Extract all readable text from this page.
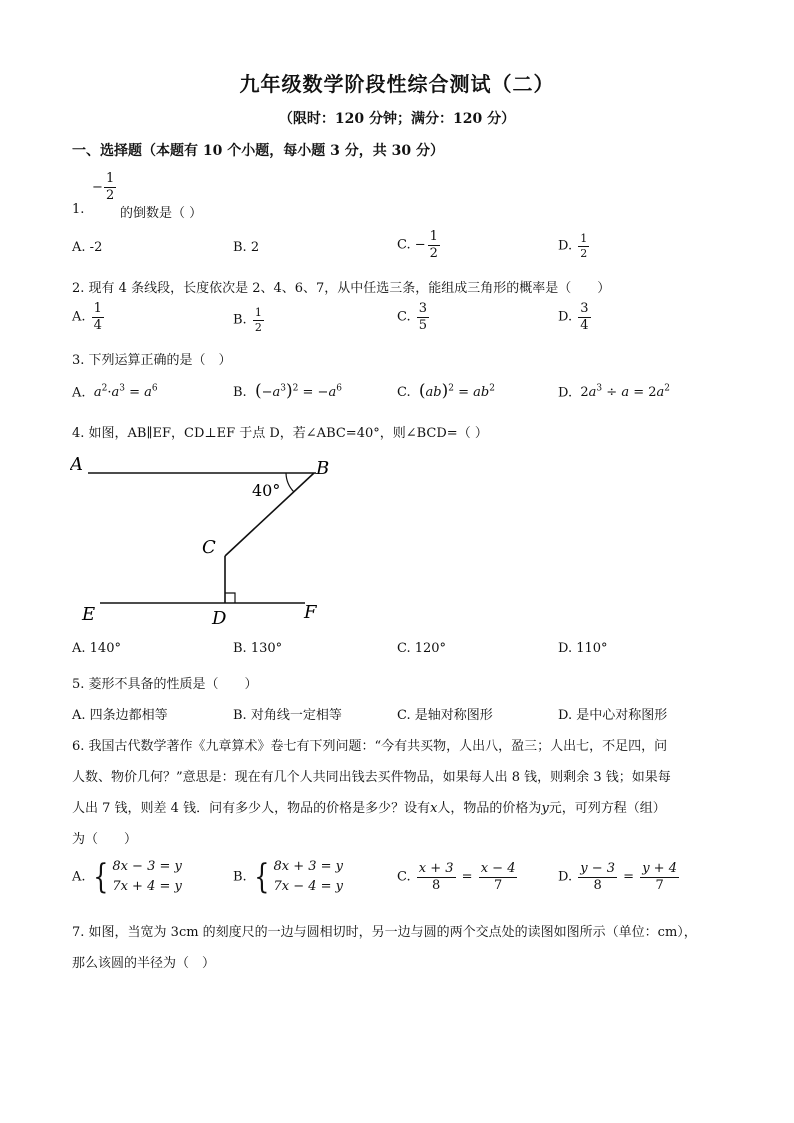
九年级数学阶段性综合测试（二）
（限时：120 分钟；满分：120 分）
一、选择题（本题有 10 个小题，每小题 3 分，共 30 分）
1.
− $\frac{1}{2}$
的倒数是（ ）
A. -2	B. 2	C. − $\frac{1}{2}$	D. $\frac{1}{2}$
2. 现有 4 条线段，长度依次是 2、4、6、7，从中任选三条，能组成三角形的概率是（　　）
A. $\frac{1}{4}$	B. $\frac{1}{2}$	C. $\frac{3}{5}$	D. $\frac{3}{4}$
3. 下列运算正确的是（　）
A. $a^2\cdot a^3 = a^6$	B. $(-a^3)^2 = -a^6$	C. $(ab)^2 = ab^2$	D.  $2a^3 \div a = 2a^2$
4. 如图，AB∥EF，CD⊥EF 于点 D，若∠ABC=40°，则∠BCD=（ ）
A	B
C
D
E	F
40°
A. 140°	B. 130°	C. 120°	D. 110°
5. 菱形不具备的性质是（　　）
A. 四条边都相等	B. 对角线一定相等	C. 是轴对称图形	D. 是中心对称图形
6. 我国古代数学著作《九章算术》卷七有下列问题：“今有共买物，人出八，盈三；人出七，不足四，问
人数、物价几何？”意思是：现在有几个人共同出钱去买件物品，如果每人出 8 钱，则剩余 3 钱；如果每
人出 7 钱，则差 4 钱．问有多少人，物品的价格是多少？设有x人，物品的价格为y元，可列方程（组）
为（　　）
A. { 8x − 3 = y
7x + 4 = y
B. { 8x + 3 = y
7x − 4 = y
C. $\frac{x + 3}{8} = \frac{x - 4}{7}$	D. $\frac{y - 3}{8} = \frac{y + 4}{7}$
7. 如图，当宽为 3cm 的刻度尺的一边与圆相切时，另一边与圆的两个交点处的读图如图所示（单位：cm），
那么该圆的半径为（　）
